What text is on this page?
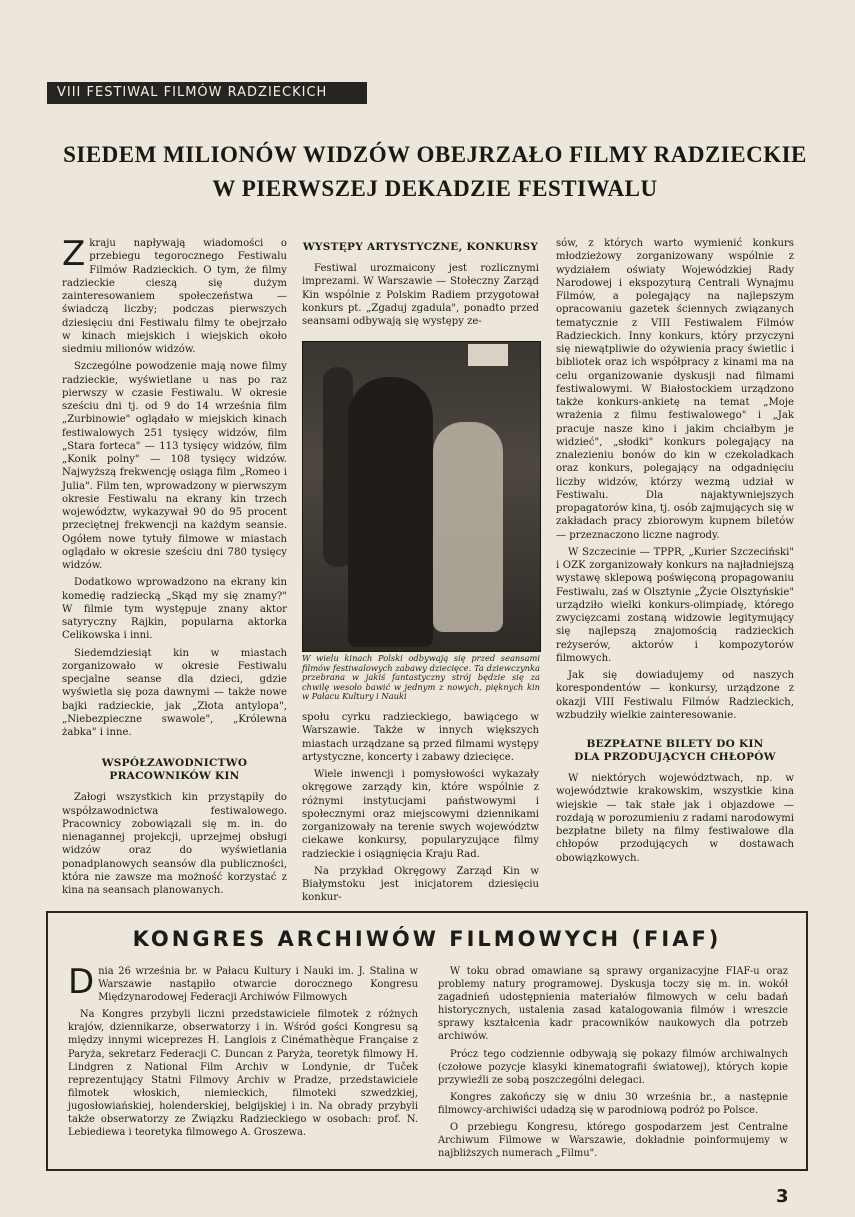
VIII FESTIWAL FILMÓW RADZIECKICH
SIEDEM MILIONÓW WIDZÓW OBEJRZAŁO FILMY RADZIECKIE
W PIERWSZEJ DEKADZIE FESTIWALU

Zkraju napływają wiadomości o przebiegu tegorocznego Festiwalu Filmów Radzieckich. O tym, że filmy radzieckie cieszą się dużym zainteresowaniem społeczeństwa — świadczą liczby; podczas pierwszych dziesięciu dni Festiwalu filmy te obejrzało w kinach miejskich i wiejskich około siedmiu milionów widzów.

Szczególne powodzenie mają nowe filmy radzieckie, wyświetlane u nas po raz pierwszy w czasie Festiwalu. W okresie sześciu dni tj. od 9 do 14 września film „Zurbinowie" oglądało w miejskich kinach festiwalowych 251 tysięcy widzów, film „Stara forteca" — 113 tysięcy widzów, film „Konik polny" — 108 tysięcy widzów. Najwyższą frekwencję osiąga film „Romeo i Julia". Film ten, wprowadzony w pierwszym okresie Festiwalu na ekrany kin trzech województw, wykazywał 90 do 95 procent przeciętnej frekwencji na każdym seansie. Ogółem nowe tytuły filmowe w miastach oglądało w okresie sześciu dni 780 tysięcy widzów.

Dodatkowo wprowadzono na ekrany kin komedię radziecką „Skąd my się znamy?" W filmie tym występuje znany aktor satyryczny Rajkin, popularna aktorka Celikowska i inni.

Siedemdziesiąt kin w miastach zorganizowało w okresie Festiwalu specjalne seanse dla dzieci, gdzie wyświetla się poza dawnymi — także nowe bajki radzieckie, jak „Złota antylopa", „Niebezpieczne swawole", „Królewna żabka" i inne.

WSPÓŁZAWODNICTWO
PRACOWNIKÓW KIN

Załogi wszystkich kin przystąpiły do współzawodnictwa festiwalowego. Pracownicy zobowiązali się m. in. do nienagannej projekcji, uprzejmej obsługi widzów oraz do wyświetlania ponadplanowych seansów dla publiczności, która nie zawsze ma możność korzystać z kina na seansach planowanych.

WYSTĘPY ARTYSTYCZNE, KONKURSY

Festiwal urozmaicony jest rozlicznymi imprezami. W Warszawie — Stołeczny Zarząd Kin wspólnie z Polskim Radiem przygotował konkurs pt. „Zgaduj zgadula", ponadto przed seansami odbywają się występy ze-

W wielu kinach Polski odbywają się przed seansami filmów festiwalowych zabawy dziecięce. Ta dziewczynka przebrana w jakiś fantastyczny strój będzie się za chwilę wesoło bawić w jednym z nowych, pięknych kin w Pałacu Kultury i Nauki

społu cyrku radzieckiego, bawiącego w Warszawie. Także w innych większych miastach urządzane są przed filmami występy artystyczne, koncerty i zabawy dziecięce.

Wiele inwencji i pomysłowości wykazały okręgowe zarządy kin, które wspólnie z różnymi instytucjami państwowymi i społecznymi oraz miejscowymi dziennikami zorganizowały na terenie swych województw ciekawe konkursy, popularyzujące filmy radzieckie i osiągnięcia Kraju Rad.

Na przykład Okręgowy Zarząd Kin w Białymstoku jest inicjatorem dziesięciu konkur-

sów, z których warto wymienić konkurs młodzieżowy zorganizowany wspólnie z wydziałem oświaty Wojewódzkiej Rady Narodowej i ekspozyturą Centrali Wynajmu Filmów, a polegający na najlepszym opracowaniu gazetek ściennych związanych tematycznie z VIII Festiwalem Filmów Radzieckich. Inny konkurs, który przyczyni się niewątpliwie do ożywienia pracy świetlic i bibliotek oraz ich współpracy z kinami ma na celu organizowanie dyskusji nad filmami festiwalowymi. W Białostockiem urządzono także konkurs-ankietę na temat „Moje wrażenia z filmu festiwalowego" i „Jak pracuje nasze kino i jakim chciałbym je widzieć", „słodki" konkurs polegający na znalezieniu bonów do kin w czekoladkach oraz konkurs, polegający na odgadnięciu liczby widzów, którzy wezmą udział w Festiwalu. Dla najaktywniejszych propagatorów kina, tj. osób zajmujących się w zakładach pracy zbiorowym kupnem biletów — przeznaczono liczne nagrody.

W Szczecinie — TPPR, „Kurier Szczeciński" i OZK zorganizowały konkurs na najładniejszą wystawę sklepową poświęconą propagowaniu Festiwalu, zaś w Olsztynie „Życie Olsztyńskie" urządziło wielki konkurs-olimpiadę, którego zwycięzcami zostaną widzowie legitymujący się najlepszą znajomością radzieckich reżyserów, aktorów i kompozytorów filmowych.

Jak się dowiadujemy od naszych korespondentów — konkursy, urządzone z okazji VIII Festiwalu Filmów Radzieckich, wzbudziły wielkie zainteresowanie.

BEZPŁATNE BILETY DO KIN
DLA PRZODUJĄCYCH CHŁOPÓW

W niektórych województwach, np. w województwie krakowskim, wszystkie kina wiejskie — tak stałe jak i objazdowe — rozdają w porozumieniu z radami narodowymi bezpłatne bilety na filmy festiwalowe dla chłopów przodujących w dostawach obowiązkowych.

KONGRES ARCHIWÓW FILMOWYCH (FIAF)

Dnia 26 września br. w Pałacu Kultury i Nauki im. J. Stalina w Warszawie nastąpiło otwarcie dorocznego Kongresu Międzynarodowej Federacji Archiwów Filmowych

Na Kongres przybyli liczni przedstawiciele filmotek z różnych krajów, dziennikarze, obserwatorzy i in. Wśród gości Kongresu są między innymi wiceprezes H. Langlois z Cinémathèque Française z Paryża, sekretarz Federacji C. Duncan z Paryża, teoretyk filmowy H. Lindgren z National Film Archiv w Londynie, dr Tuček reprezentujący Statni Filmovy Archiv w Pradze, przedstawiciele filmotek włoskich, niemieckich, filmoteki szwedzkiej, jugosłowiańskiej, holenderskiej, belgijskiej i in. Na obrady przybyli także obserwatorzy ze Związku Radzieckiego w osobach: prof. N. Lebiediewa i teoretyka filmowego A. Groszewa.

W toku obrad omawiane są sprawy organizacyjne FIAF-u oraz problemy natury programowej. Dyskusja toczy się m. in. wokół zagadnień udostępnienia materiałów filmowych w celu badań historycznych, ustalenia zasad katalogowania filmów i wreszcie sprawy kształcenia kadr pracowników naukowych dla potrzeb archiwów.

Prócz tego codziennie odbywają się pokazy filmów archiwalnych (czołowe pozycje klasyki kinematografii światowej), których kopie przywieźli ze sobą poszczególni delegaci.

Kongres zakończy się w dniu 30 września br., a następnie filmowcy-archiwiści udadzą się w parodniową podróż po Polsce.

O przebiegu Kongresu, którego gospodarzem jest Centralne Archiwum Filmowe w Warszawie, dokładnie poinformujemy w najbliższych numerach „Filmu".

3
